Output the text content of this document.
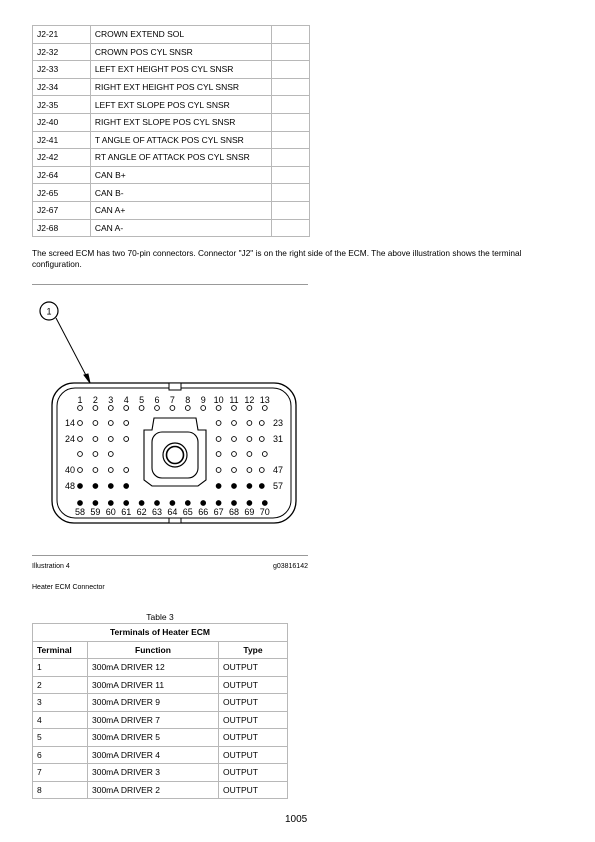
J2-21	CROWN EXTEND SOL	
J2-32	CROWN POS CYL SNSR	
J2-33	LEFT EXT HEIGHT POS CYL SNSR	
J2-34	RIGHT EXT HEIGHT POS CYL SNSR	
J2-35	LEFT EXT SLOPE POS CYL SNSR	
J2-40	RIGHT EXT SLOPE POS CYL SNSR	
J2-41	T ANGLE OF ATTACK POS CYL SNSR	
J2-42	RT ANGLE OF ATTACK POS CYL SNSR	
J2-64	CAN B+	
J2-65	CAN B-	
J2-67	CAN A+	
J2-68	CAN A-	
The screed ECM has two 70-pin connectors. Connector "J2" is on the right side of the ECM. The above illustration shows the terminal configuration.
1
1 2 3 4 5 6 7 8 9 10 11 12 13
14
24
40
48
23
31
47
57
58 59 60 61 62 63 64 65 66 67 68 69 70
Illustration 4	g03816142
Heater ECM Connector
Table 3
Terminals of Heater ECM		
Terminal	Function	Type
1	300mA DRIVER 12	OUTPUT
2	300mA DRIVER 11	OUTPUT
3	300mA DRIVER 9	OUTPUT
4	300mA DRIVER 7	OUTPUT
5	300mA DRIVER 5	OUTPUT
6	300mA DRIVER 4	OUTPUT
7	300mA DRIVER 3	OUTPUT
8	300mA DRIVER 2	OUTPUT
1005
